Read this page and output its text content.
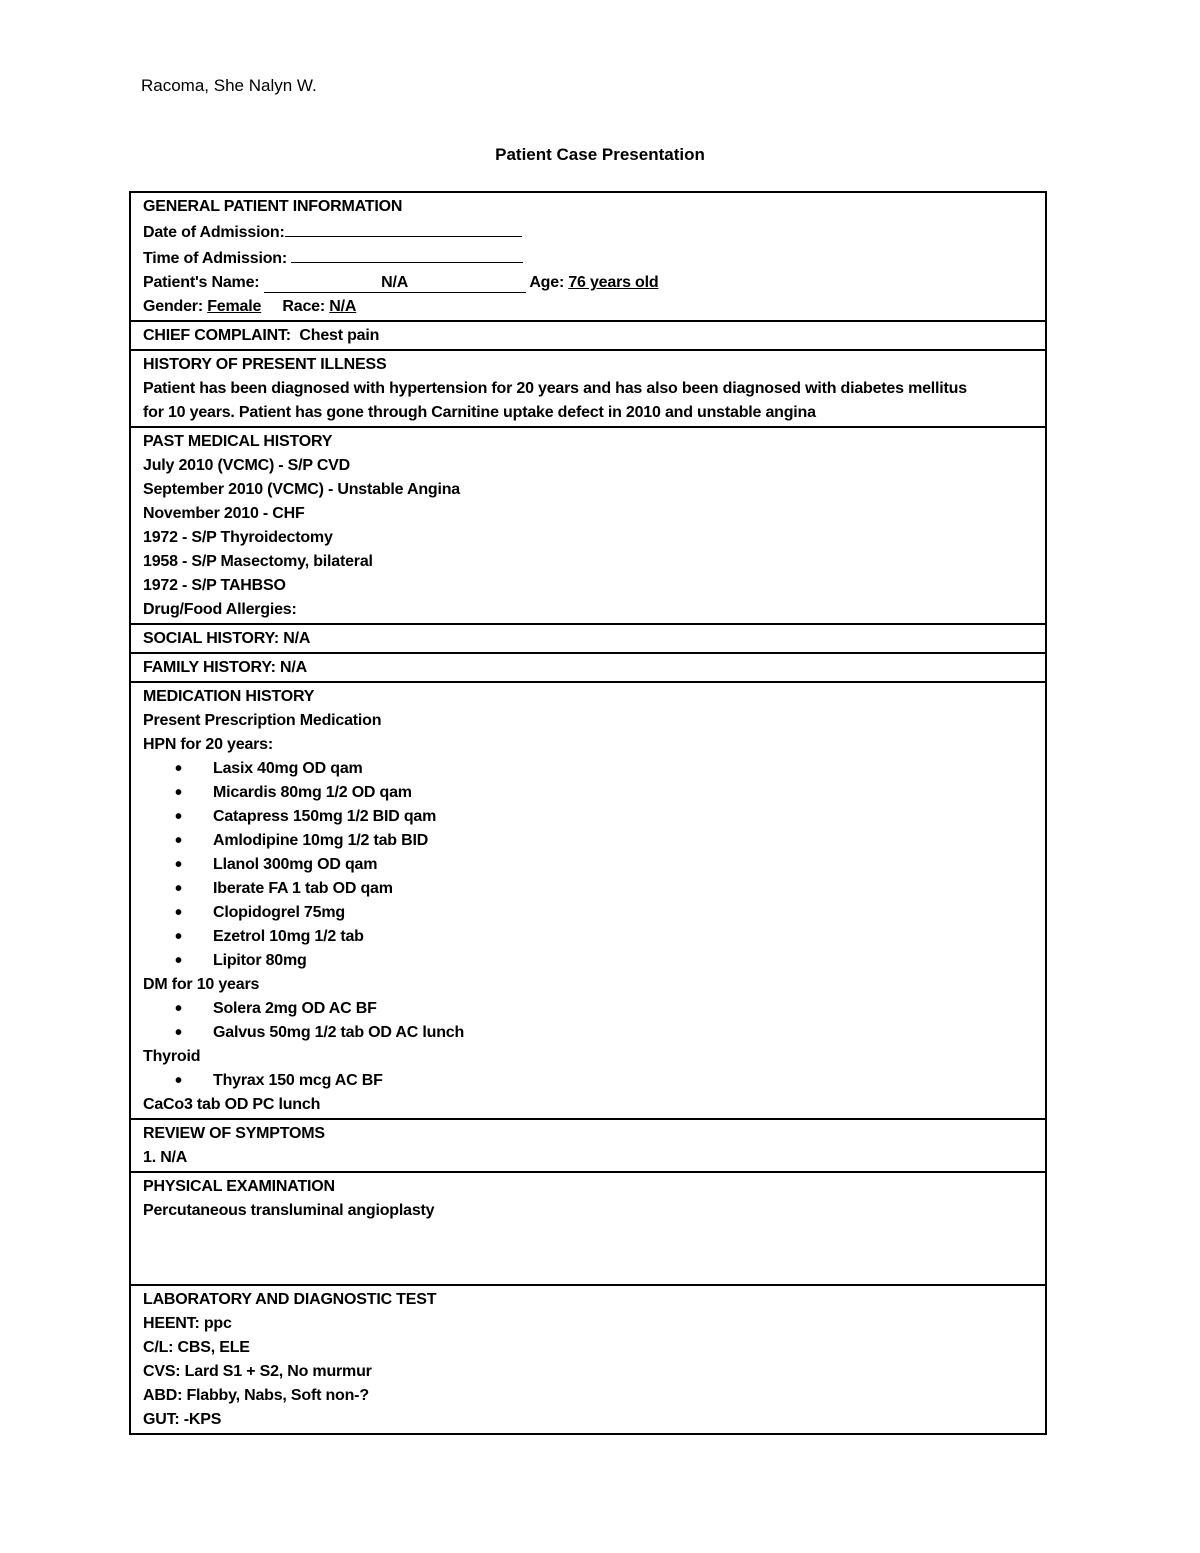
Racoma, She Nalyn W.
Patient Case Presentation
GENERAL PATIENT INFORMATION
Date of Admission:
Time of Admission:
Patient's Name:	N/A	Age: 76 years old
Gender: Female Race: N/A

CHIEF COMPLAINT: Chest pain

HISTORY OF PRESENT ILLNESS
Patient has been diagnosed with hypertension for 20 years and has also been diagnosed with diabetes mellitus
for 10 years. Patient has gone through Carnitine uptake defect in 2010 and unstable angina

PAST MEDICAL HISTORY
July 2010 (VCMC) - S/P CVD
September 2010 (VCMC) - Unstable Angina
November 2010 - CHF
1972 - S/P Thyroidectomy
1958 - S/P Masectomy, bilateral
1972 - S/P TAHBSO
Drug/Food Allergies:

SOCIAL HISTORY: N/A

FAMILY HISTORY: N/A

MEDICATION HISTORY
Present Prescription Medication
HPN for 20 years:
• Lasix 40mg OD qam
• Micardis 80mg 1/2 OD qam
• Catapress 150mg 1/2 BID qam
• Amlodipine 10mg 1/2 tab BID
• Llanol 300mg OD qam
• Iberate FA 1 tab OD qam
• Clopidogrel 75mg
• Ezetrol 10mg 1/2 tab
• Lipitor 80mg
DM for 10 years
• Solera 2mg OD AC BF
• Galvus 50mg 1/2 tab OD AC lunch
Thyroid
• Thyrax 150 mcg AC BF
CaCo3 tab OD PC lunch

REVIEW OF SYMPTOMS
1. N/A

PHYSICAL EXAMINATION
Percutaneous transluminal angioplasty

LABORATORY AND DIAGNOSTIC TEST
HEENT: ppc
C/L: CBS, ELE
CVS: Lard S1 + S2, No murmur
ABD: Flabby, Nabs, Soft non-?
GUT: -KPS
